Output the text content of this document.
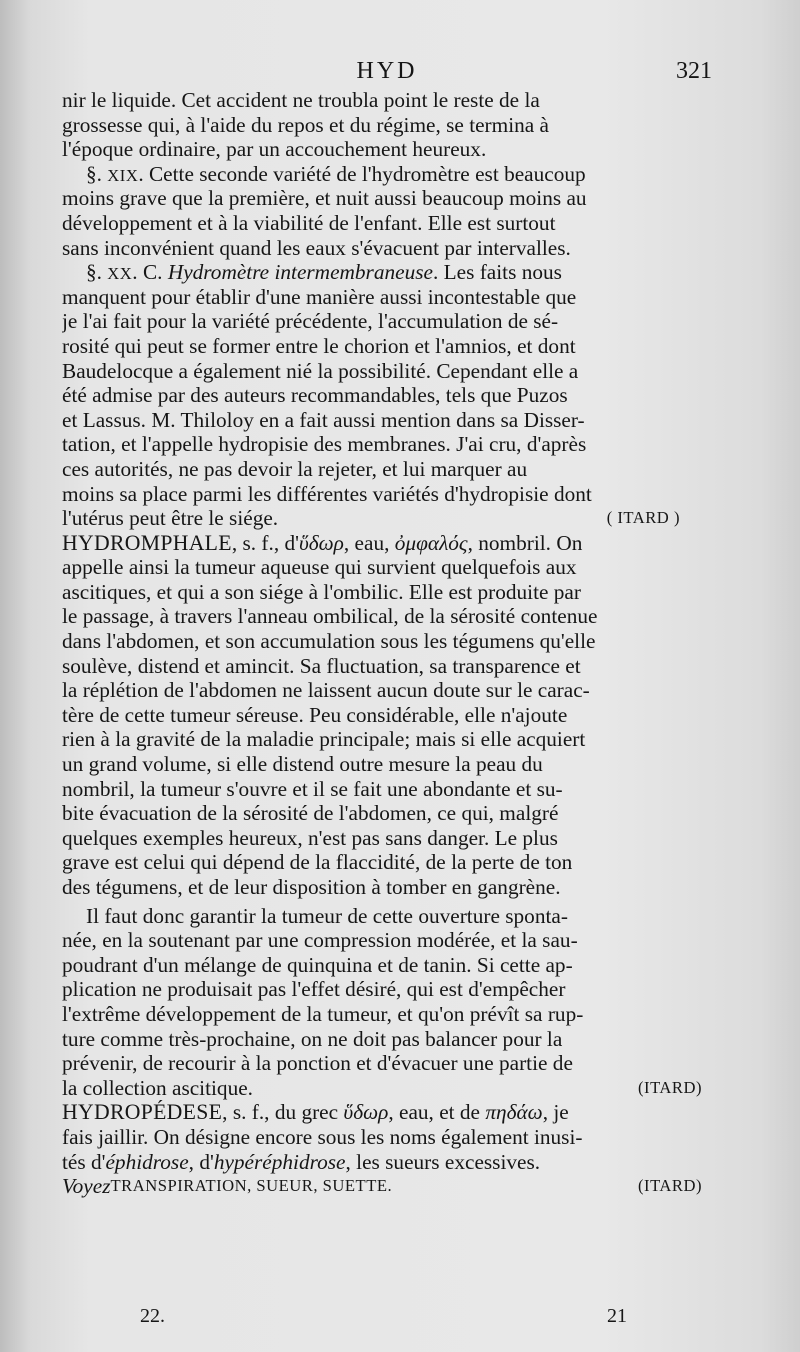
HYD	321
nir le liquide. Cet accident ne troubla point le reste de la
grossesse qui, à l'aide du repos et du régime, se termina à
l'époque ordinaire, par un accouchement heureux.
§. XIX. Cette seconde variété de l'hydromètre est beaucoup
moins grave que la première, et nuit aussi beaucoup moins au
développement et à la viabilité de l'enfant. Elle est surtout
sans inconvénient quand les eaux s'évacuent par intervalles.
§. XX. C. Hydromètre intermembraneuse. Les faits nous
manquent pour établir d'une manière aussi incontestable que
je l'ai fait pour la variété précédente, l'accumulation de sé-
rosité qui peut se former entre le chorion et l'amnios, et dont
Baudelocque a également nié la possibilité. Cependant elle a
été admise par des auteurs recommandables, tels que Puzos
et Lassus. M. Thiloloy en a fait aussi mention dans sa Disser-
tation, et l'appelle hydropisie des membranes. J'ai cru, d'après
ces autorités, ne pas devoir la rejeter, et lui marquer au
moins sa place parmi les différentes variétés d'hydropisie dont
l'utérus peut être le siége.	( ITARD )
HYDROMPHALE, s. f., d'ὕδωρ, eau, ὀμφαλός, nombril. On
appelle ainsi la tumeur aqueuse qui survient quelquefois aux
ascitiques, et qui a son siége à l'ombilic. Elle est produite par
le passage, à travers l'anneau ombilical, de la sérosité contenue
dans l'abdomen, et son accumulation sous les tégumens qu'elle
soulève, distend et amincit. Sa fluctuation, sa transparence et
la réplétion de l'abdomen ne laissent aucun doute sur le carac-
tère de cette tumeur séreuse. Peu considérable, elle n'ajoute
rien à la gravité de la maladie principale; mais si elle acquiert
un grand volume, si elle distend outre mesure la peau du
nombril, la tumeur s'ouvre et il se fait une abondante et su-
bite évacuation de la sérosité de l'abdomen, ce qui, malgré
quelques exemples heureux, n'est pas sans danger. Le plus
grave est celui qui dépend de la flaccidité, de la perte de ton
des tégumens, et de leur disposition à tomber en gangrène.
Il faut donc garantir la tumeur de cette ouverture sponta-
née, en la soutenant par une compression modérée, et la sau-
poudrant d'un mélange de quinquina et de tanin. Si cette ap-
plication ne produisait pas l'effet désiré, qui est d'empêcher
l'extrême développement de la tumeur, et qu'on prévît sa rup-
ture comme très-prochaine, on ne doit pas balancer pour la
prévenir, de recourir à la ponction et d'évacuer une partie de
la collection ascitique.	(ITARD)
HYDROPÉDESE, s. f., du grec ὕδωρ, eau, et de πηδάω, je
fais jaillir. On désigne encore sous les noms également inusi-
tés d'éphidrose, d'hypéréphidrose, les sueurs excessives.
Voyez TRANSPIRATION, SUEUR, SUETTE.	(ITARD)
22.	21
